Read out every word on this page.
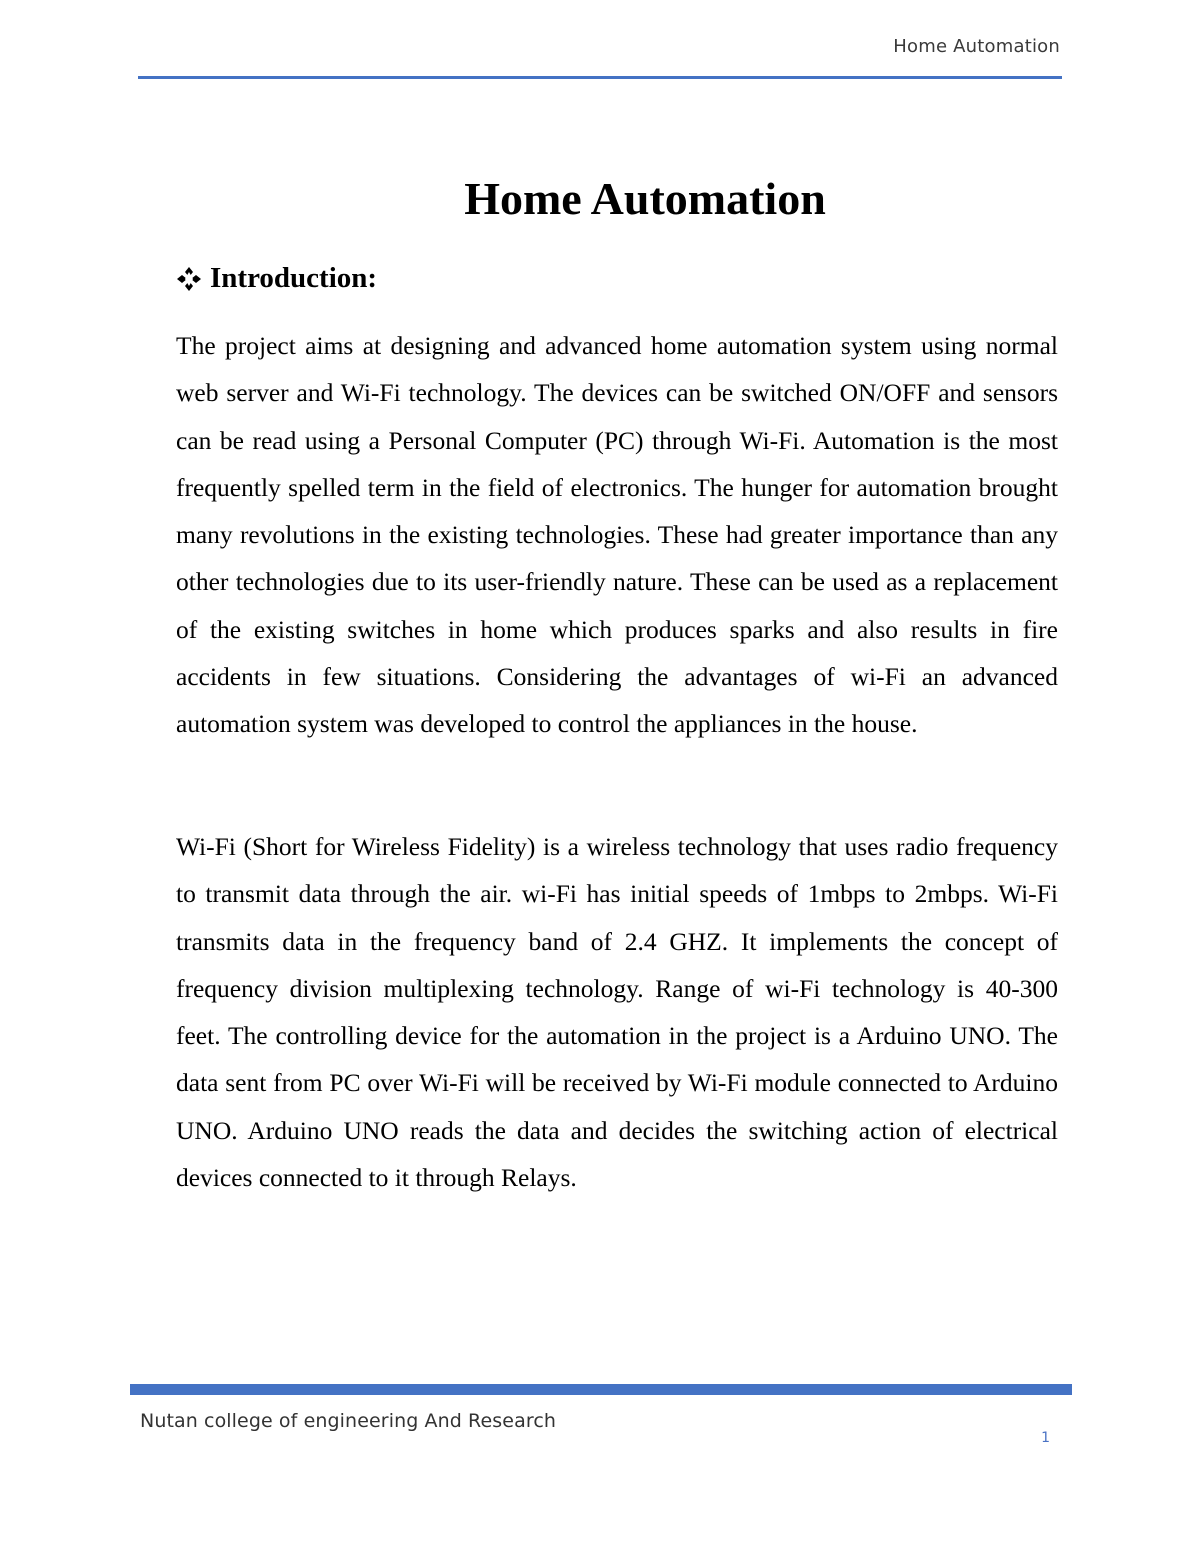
Home Automation
Home Automation
Introduction:

The project aims at designing and advanced home automation system using normal web server and Wi-Fi technology. The devices can be switched ON/OFF and sensors can be read using a Personal Computer (PC) through Wi-Fi. Automation is the most frequently spelled term in the field of electronics. The hunger for automation brought many revolutions in the existing technologies. These had greater importance than any other technologies due to its user-friendly nature. These can be used as a replacement of the existing switches in home which produces sparks and also results in fire accidents in few situations. Considering the advantages of wi-Fi an advanced automation system was developed to control the appliances in the house.

Wi-Fi (Short for Wireless Fidelity) is a wireless technology that uses radio frequency to transmit data through the air. wi-Fi has initial speeds of 1mbps to 2mbps. Wi-Fi transmits data in the frequency band of 2.4 GHZ. It implements the concept of frequency division multiplexing technology. Range of wi-Fi technology is 40-300 feet. The controlling device for the automation in the project is a Arduino UNO. The data sent from PC over Wi-Fi will be received by Wi-Fi module connected to Arduino UNO. Arduino UNO reads the data and decides the switching action of electrical devices connected to it through Relays.

Nutan college of engineering And Research
1
